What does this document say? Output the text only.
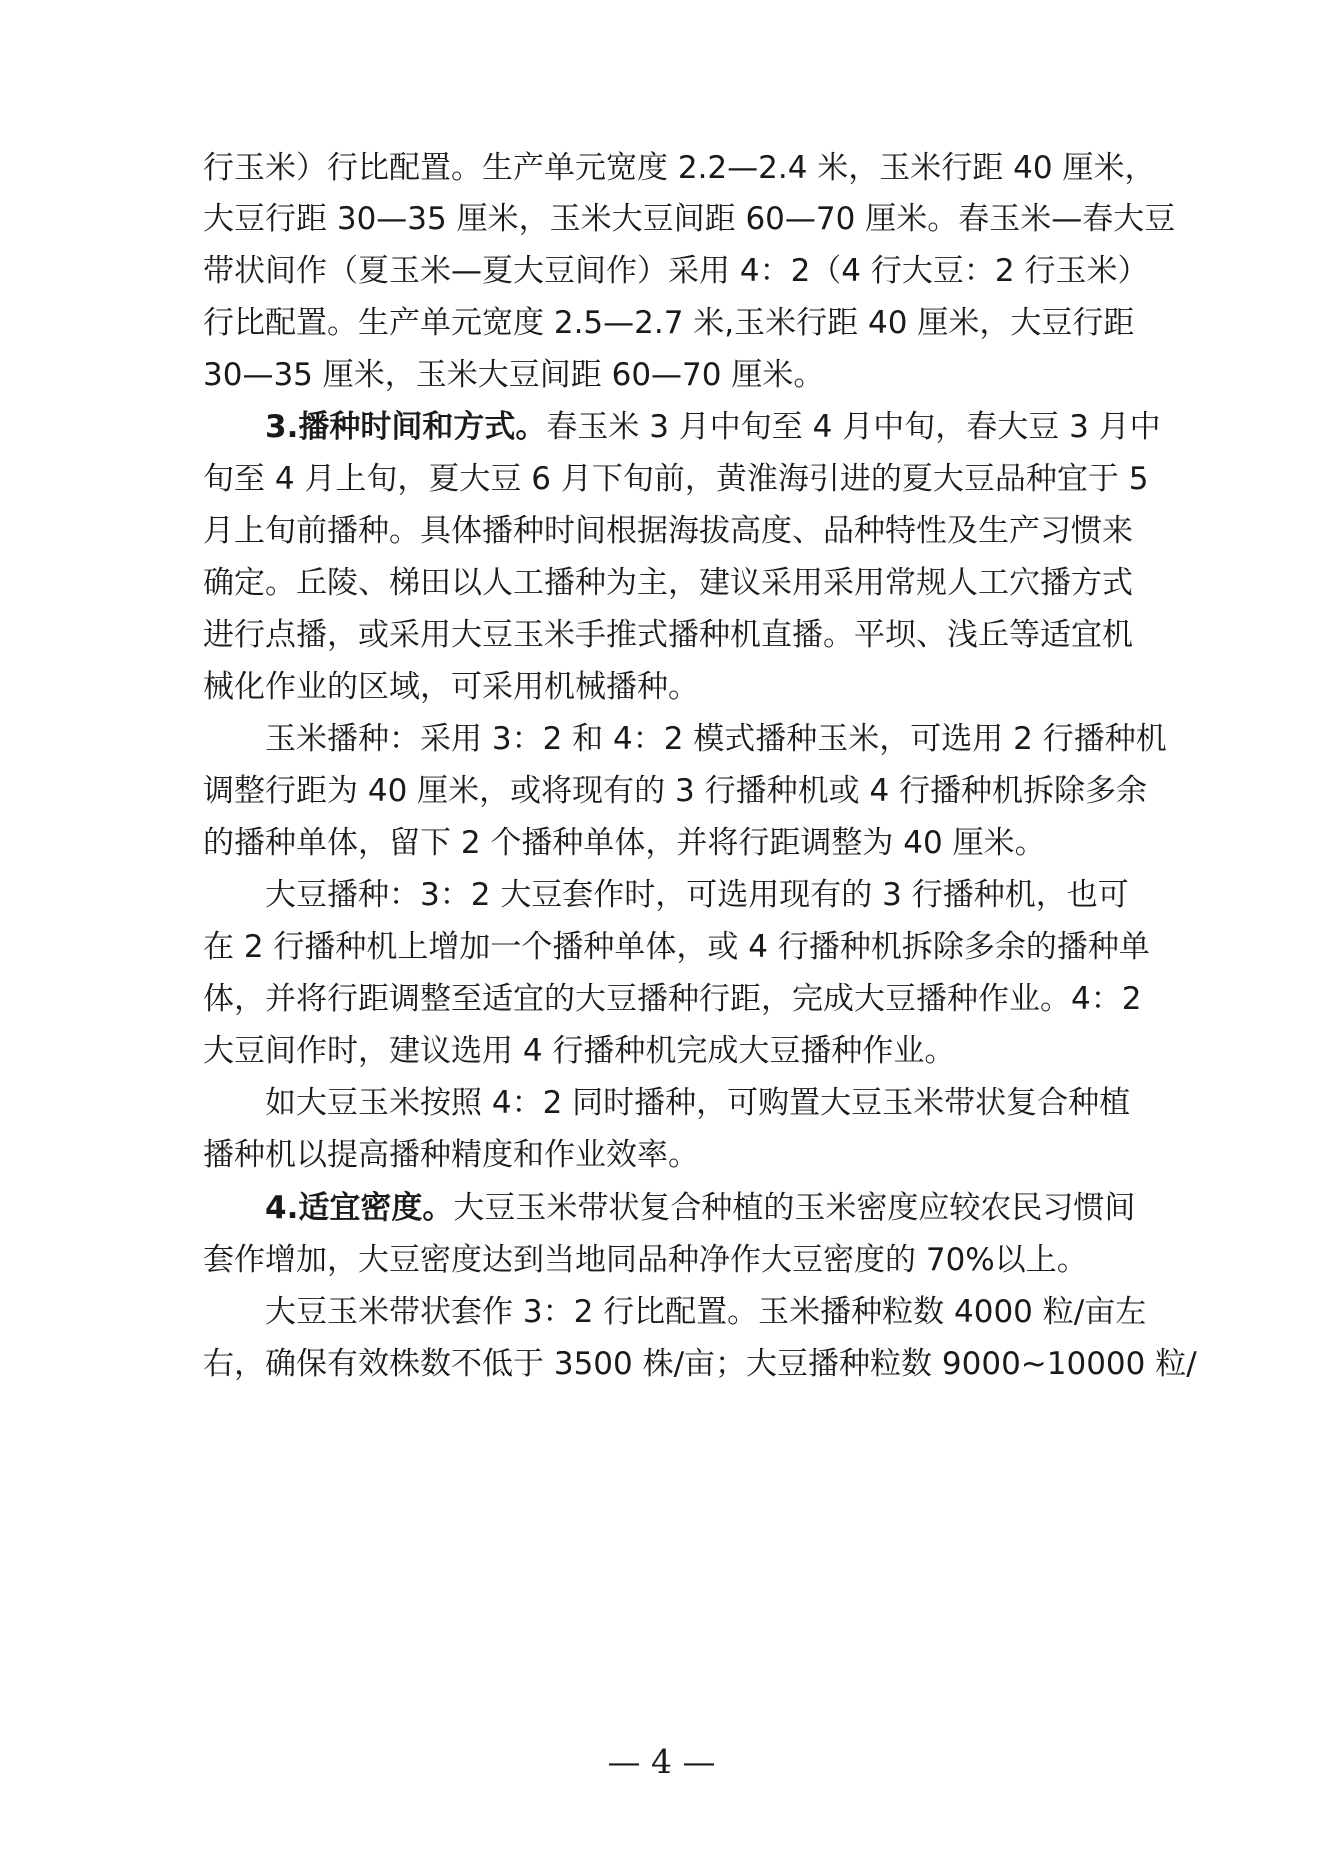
行玉米）行比配置。生产单元宽度 2.2—2.4 米，玉米行距 40 厘米，
大豆行距 30—35 厘米，玉米大豆间距 60—70 厘米。春玉米—春大豆
带状间作（夏玉米—夏大豆间作）采用 4：2（4 行大豆：2 行玉米）
行比配置。生产单元宽度 2.5—2.7 米,玉米行距 40 厘米，大豆行距
30—35 厘米，玉米大豆间距 60—70 厘米。
3.播种时间和方式。春玉米 3 月中旬至 4 月中旬，春大豆 3 月中
旬至 4 月上旬，夏大豆 6 月下旬前，黄淮海引进的夏大豆品种宜于 5
月上旬前播种。具体播种时间根据海拔高度、品种特性及生产习惯来
确定。丘陵、梯田以人工播种为主，建议采用采用常规人工穴播方式
进行点播，或采用大豆玉米手推式播种机直播。平坝、浅丘等适宜机
械化作业的区域，可采用机械播种。
玉米播种：采用 3：2 和 4：2 模式播种玉米，可选用 2 行播种机
调整行距为 40 厘米，或将现有的 3 行播种机或 4 行播种机拆除多余
的播种单体，留下 2 个播种单体，并将行距调整为 40 厘米。
大豆播种：3：2 大豆套作时，可选用现有的 3 行播种机，也可
在 2 行播种机上增加一个播种单体，或 4 行播种机拆除多余的播种单
体，并将行距调整至适宜的大豆播种行距，完成大豆播种作业。4：2
大豆间作时，建议选用 4 行播种机完成大豆播种作业。
如大豆玉米按照 4：2 同时播种，可购置大豆玉米带状复合种植
播种机以提高播种精度和作业效率。
4.适宜密度。大豆玉米带状复合种植的玉米密度应较农民习惯间
套作增加，大豆密度达到当地同品种净作大豆密度的 70%以上。
大豆玉米带状套作 3：2 行比配置。玉米播种粒数 4000 粒/亩左
右，确保有效株数不低于 3500 株/亩；大豆播种粒数 9000~10000 粒/
— 4 —
